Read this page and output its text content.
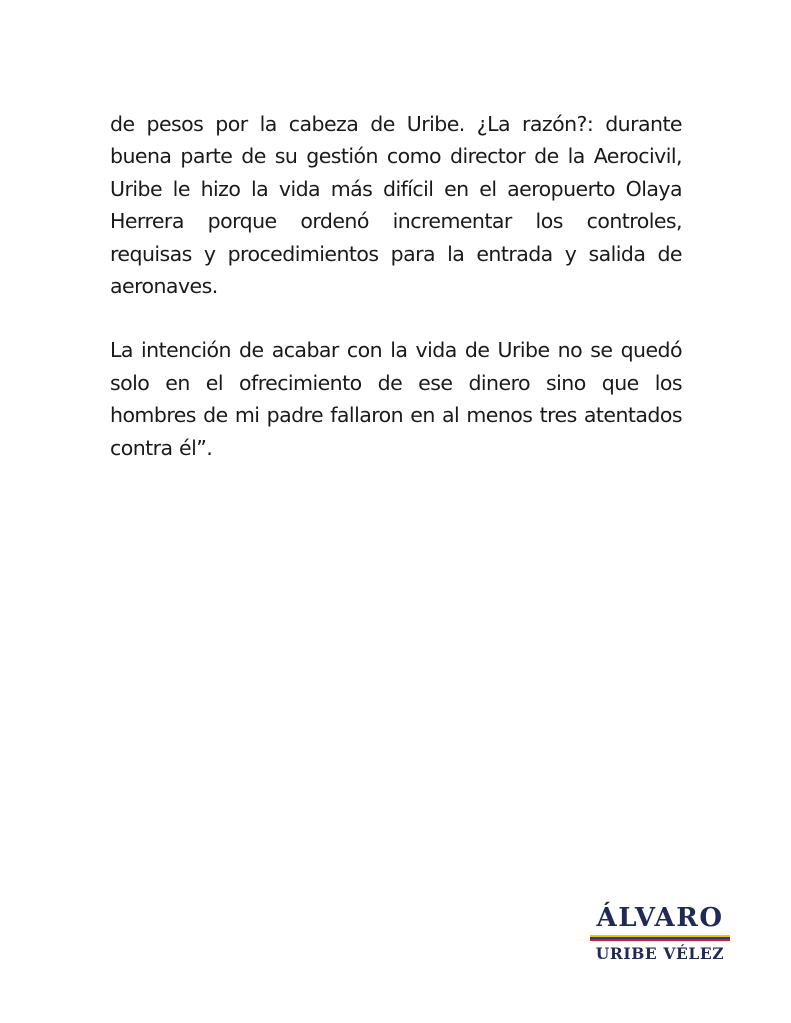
de pesos por la cabeza de Uribe. ¿La razón?: durante buena parte de su gestión como director de la Aerocivil, Uribe le hizo la vida más difícil en el aeropuerto Olaya Herrera porque ordenó incrementar los controles, requisas y procedimientos para la entrada y salida de aeronaves.

La intención de acabar con la vida de Uribe no se quedó solo en el ofrecimiento de ese dinero sino que los hombres de mi padre fallaron en al menos tres atentados contra él”.

ÁLVARO
URIBE VÉLEZ
